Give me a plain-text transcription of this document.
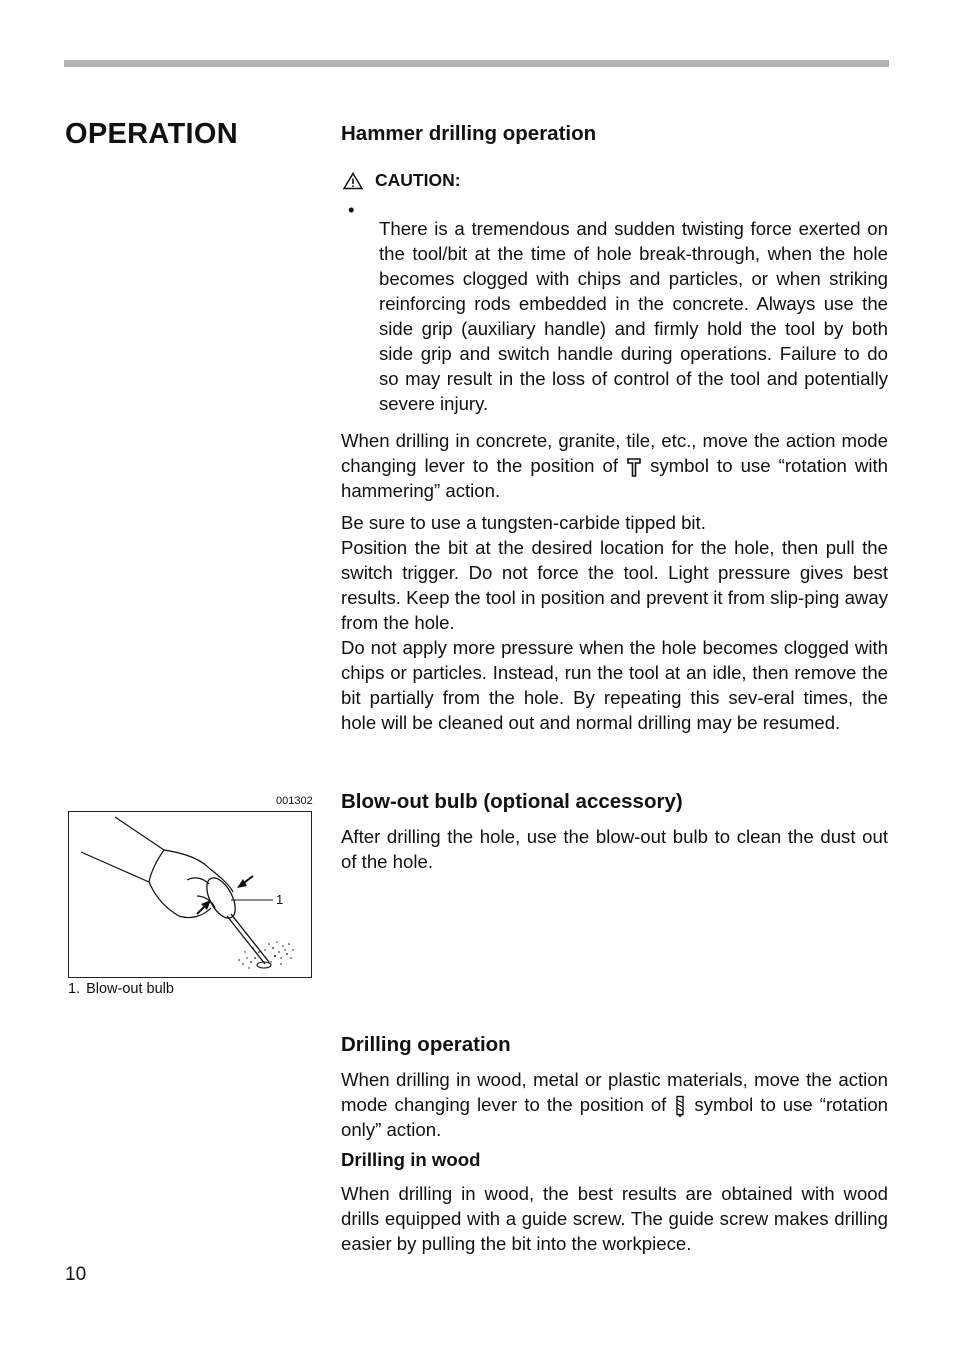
OPERATION	Hammer drilling operation
CAUTION:
•

There is a tremendous and sudden twisting force exerted on the tool/bit at the time of hole break-through, when the hole becomes clogged with chips and particles, or when striking reinforcing rods embedded in the concrete. Always use the side grip (auxiliary handle) and firmly hold the tool by both side grip and switch handle during operations. Failure to do so may result in the loss of control of the tool and potentially severe injury.

When drilling in concrete, granite, tile, etc., move the action mode changing lever to the position of symbol to use “rotation with hammering” action.

Be sure to use a tungsten-carbide tipped bit.

Position the bit at the desired location for the hole, then pull the switch trigger. Do not force the tool. Light pressure gives best results. Keep the tool in position and prevent it from slip-ping away from the hole.

Do not apply more pressure when the hole becomes clogged with chips or particles. Instead, run the tool at an idle, then remove the bit partially from the hole. By repeating this sev-eral times, the hole will be cleaned out and normal drilling may be resumed.

001302
1
1. Blow-out bulb
Blow-out bulb (optional accessory)

After drilling the hole, use the blow-out bulb to clean the dust out of the hole.

Drilling operation

When drilling in wood, metal or plastic materials, move the action mode changing lever to the position of symbol to use “rotation only” action.

Drilling in wood

When drilling in wood, the best results are obtained with wood drills equipped with a guide screw. The guide screw makes drilling easier by pulling the bit into the workpiece.

10
